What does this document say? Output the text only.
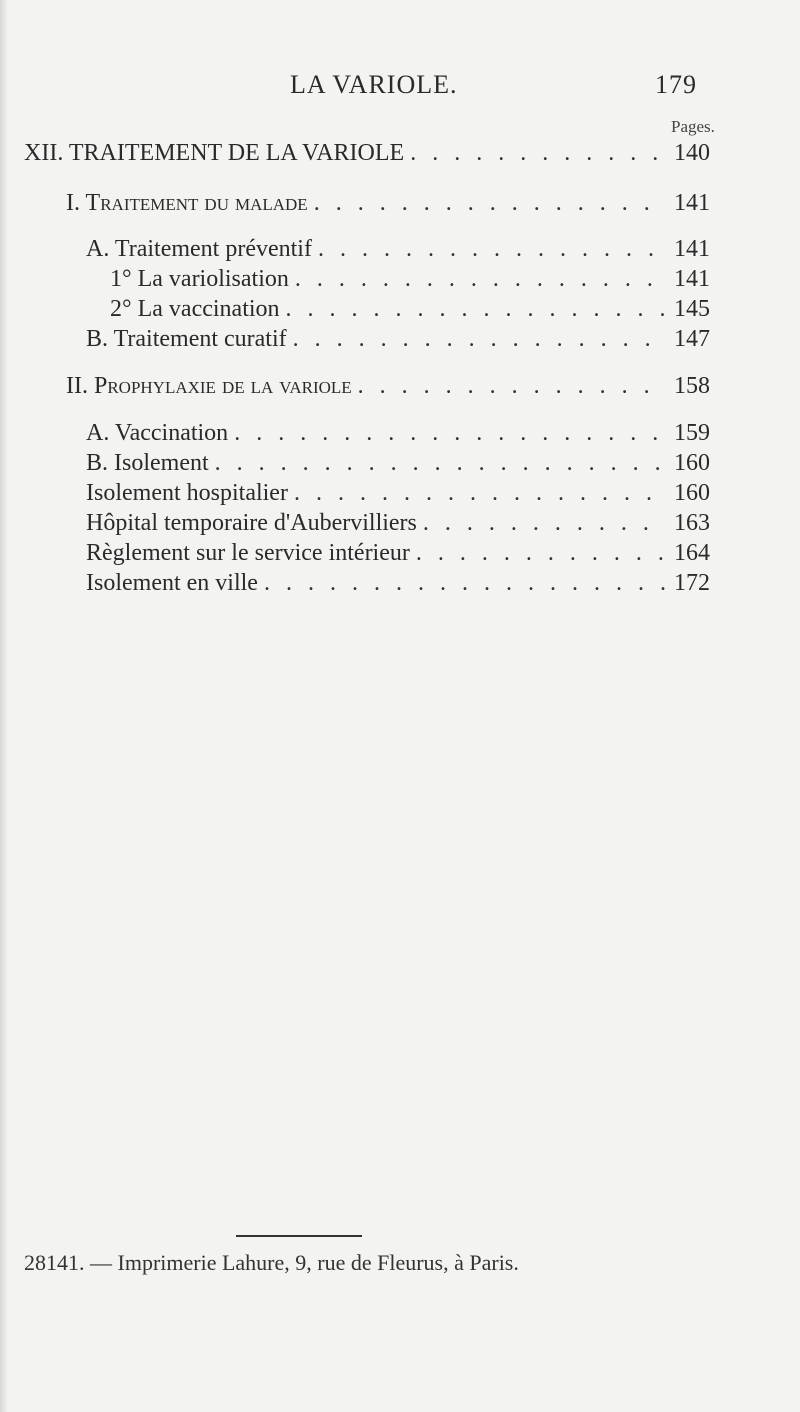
LA VARIOLE.	179
Pages.
XII. TRAITEMENT DE LA VARIOLE . . .	140
I. Traitement du malade . . .	141
A. Traitement préventif . . .	141
1° La variolisation . . .	141
2° La vaccination . . .	145
B. Traitement curatif . . .	147
II. Prophylaxie de la variole . . .	158
A. Vaccination . . .	159
B. Isolement . . .	160
Isolement hospitalier . . .	160
Hôpital temporaire d'Aubervilliers . . .	163
Règlement sur le service intérieur . . .	164
Isolement en ville . . .	172
28141. — Imprimerie Lahure, 9, rue de Fleurus, à Paris.
